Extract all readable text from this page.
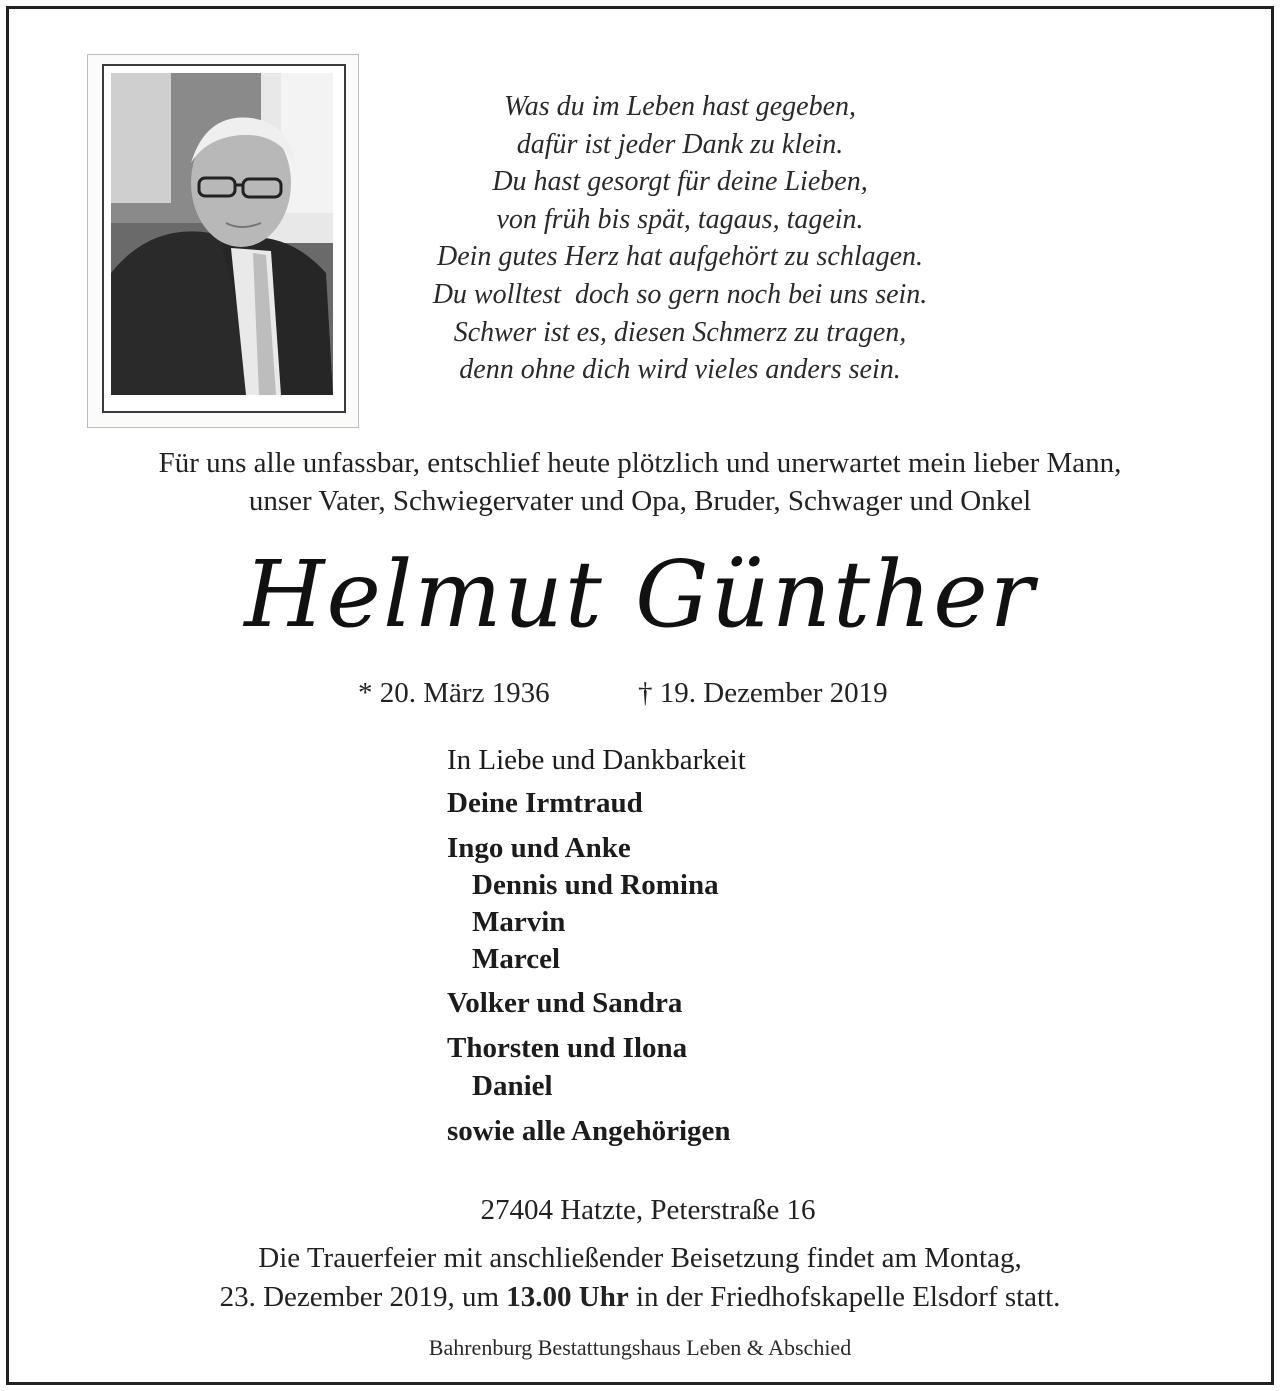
Was du im Leben hast gegeben,
dafür ist jeder Dank zu klein.
Du hast gesorgt für deine Lieben,
von früh bis spät, tagaus, tagein.
Dein gutes Herz hat aufgehört zu schlagen.
Du wolltest  doch so gern noch bei uns sein.
Schwer ist es, diesen Schmerz zu tragen,
denn ohne dich wird vieles anders sein.
Für uns alle unfassbar, entschlief heute plötzlich und unerwartet mein lieber Mann,
unser Vater, Schwiegervater und Opa, Bruder, Schwager und Onkel
Helmut Günther
* 20. März 1936	† 19. Dezember 2019
In Liebe und Dankbarkeit
Deine Irmtraud
Ingo und Anke
Dennis und Romina
Marvin
Marcel
Volker und Sandra
Thorsten und Ilona
Daniel
sowie alle Angehörigen
27404 Hatzte, Peterstraße 16
Die Trauerfeier mit anschließender Beisetzung findet am Montag,
23. Dezember 2019, um 13.00 Uhr in der Friedhofskapelle Elsdorf statt.
Bahrenburg Bestattungshaus Leben & Abschied
